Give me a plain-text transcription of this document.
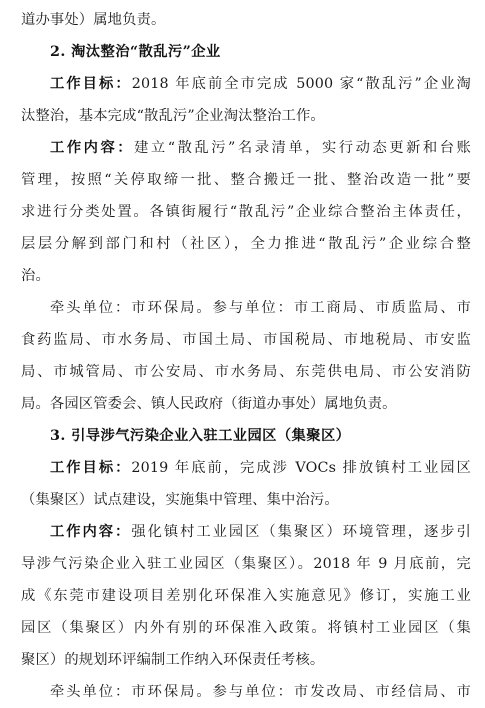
道办事处）属地负责。
2. 淘汰整治“散乱污”企业
工作目标：2018 年底前全市完成 5000 家“散乱污”企业淘
汰整治，基本完成“散乱污”企业淘汰整治工作。
工作内容：建立“散乱污”名录清单，实行动态更新和台账
管理，按照“关停取缔一批、整合搬迁一批、整治改造一批”要
求进行分类处置。各镇街履行“散乱污”企业综合整治主体责任，
层层分解到部门和村（社区），全力推进“散乱污”企业综合整
治。
牵头单位：市环保局。参与单位：市工商局、市质监局、市
食药监局、市水务局、市国土局、市国税局、市地税局、市安监
局、市城管局、市公安局、市水务局、东莞供电局、市公安消防
局。各园区管委会、镇人民政府（街道办事处）属地负责。
3. 引导涉气污染企业入驻工业园区（集聚区）
工作目标：2019 年底前，完成涉 VOCs 排放镇村工业园区
（集聚区）试点建设，实施集中管理、集中治污。
工作内容：强化镇村工业园区（集聚区）环境管理，逐步引
导涉气污染企业入驻工业园区（集聚区）。2018 年 9 月底前，完
成《东莞市建设项目差别化环保准入实施意见》修订，实施工业
园区（集聚区）内外有别的环保准入政策。将镇村工业园区（集
聚区）的规划环评编制工作纳入环保责任考核。
牵头单位：市环保局。参与单位：市发改局、市经信局、市
